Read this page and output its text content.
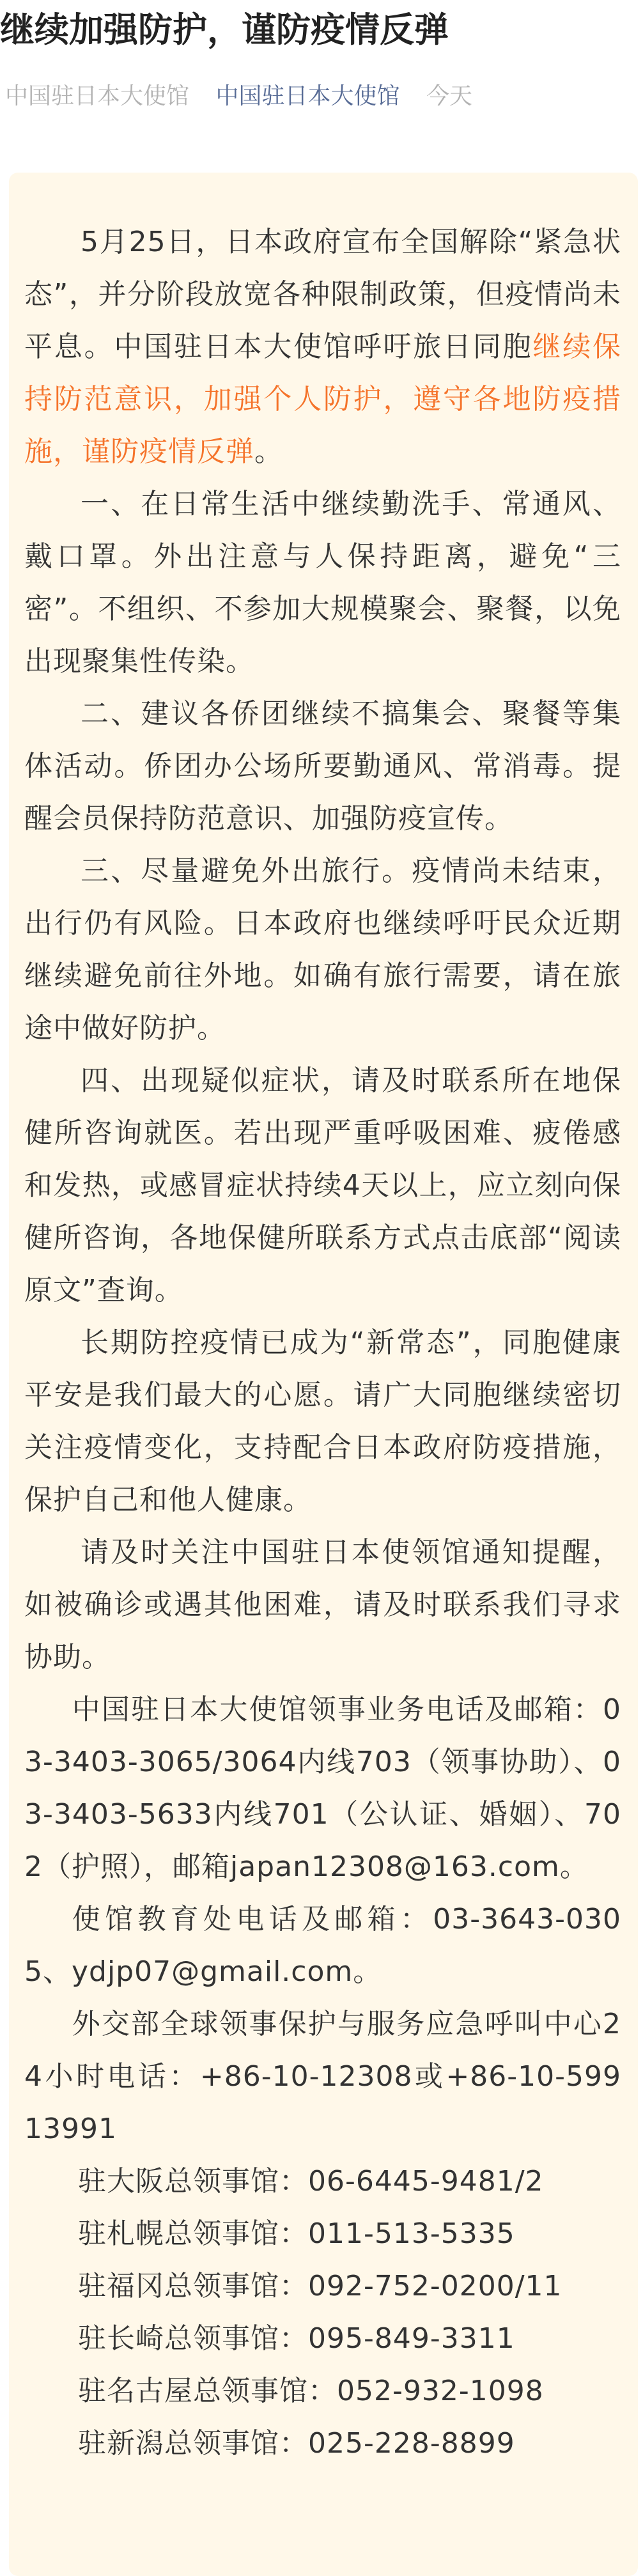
继续加强防护，谨防疫情反弹
中国驻日本大使馆 中国驻日本大使馆 今天

5月25日，日本政府宣布全国解除“紧急状态”，并分阶段放宽各种限制政策，但疫情尚未平息。中国驻日本大使馆呼吁旅日同胞继续保持防范意识，加强个人防护，遵守各地防疫措施，谨防疫情反弹。

一、在日常生活中继续勤洗手、常通风、戴口罩。外出注意与人保持距离，避免“三密”。不组织、不参加大规模聚会、聚餐，以免出现聚集性传染。

二、建议各侨团继续不搞集会、聚餐等集体活动。侨团办公场所要勤通风、常消毒。提醒会员保持防范意识、加强防疫宣传。

三、尽量避免外出旅行。疫情尚未结束，出行仍有风险。日本政府也继续呼吁民众近期继续避免前往外地。如确有旅行需要，请在旅途中做好防护。

四、出现疑似症状，请及时联系所在地保健所咨询就医。若出现严重呼吸困难、疲倦感和发热，或感冒症状持续4天以上，应立刻向保健所咨询，各地保健所联系方式点击底部“阅读原文”查询。

长期防控疫情已成为“新常态”，同胞健康平安是我们最大的心愿。请广大同胞继续密切关注疫情变化，支持配合日本政府防疫措施，保护自己和他人健康。

请及时关注中国驻日本使领馆通知提醒，如被确诊或遇其他困难，请及时联系我们寻求协助。

中国驻日本大使馆领事业务电话及邮箱：03-3403-3065/3064内线703（领事协助）、03-3403-5633内线701（公认证、婚姻）、702（护照），邮箱japan12308@163.com。

使馆教育处电话及邮箱：03-3643-0305、ydjp07@gmail.com。

外交部全球领事保护与服务应急呼叫中心24小时电话：+86-10-12308或+86-10-59913991

驻大阪总领事馆：06-6445-9481/2

驻札幌总领事馆：011-513-5335

驻福冈总领事馆：092-752-0200/11

驻长崎总领事馆：095-849-3311

驻名古屋总领事馆：052-932-1098

驻新潟总领事馆：025-228-8899
